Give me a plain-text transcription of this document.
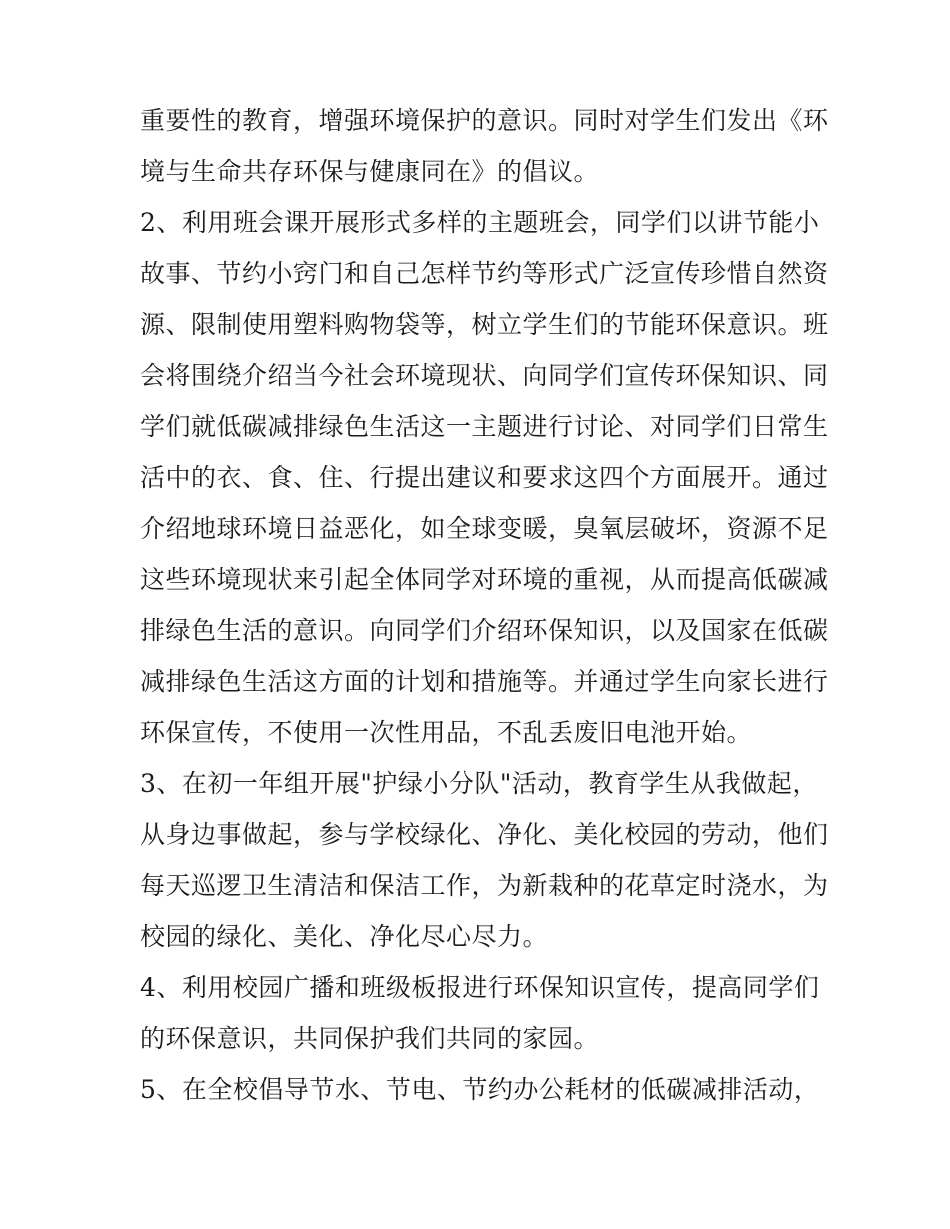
重要性的教育，增强环境保护的意识。同时对学生们发出《环
境与生命共存环保与健康同在》的倡议。
2、利用班会课开展形式多样的主题班会，同学们以讲节能小
故事、节约小窍门和自己怎样节约等形式广泛宣传珍惜自然资
源、限制使用塑料购物袋等，树立学生们的节能环保意识。班
会将围绕介绍当今社会环境现状、向同学们宣传环保知识、同
学们就低碳减排绿色生活这一主题进行讨论、对同学们日常生
活中的衣、食、住、行提出建议和要求这四个方面展开。通过
介绍地球环境日益恶化，如全球变暖，臭氧层破坏，资源不足
这些环境现状来引起全体同学对环境的重视，从而提高低碳减
排绿色生活的意识。向同学们介绍环保知识，以及国家在低碳
减排绿色生活这方面的计划和措施等。并通过学生向家长进行
环保宣传，不使用一次性用品，不乱丢废旧电池开始。
3、在初一年组开展"护绿小分队"活动，教育学生从我做起，
从身边事做起，参与学校绿化、净化、美化校园的劳动，他们
每天巡逻卫生清洁和保洁工作，为新栽种的花草定时浇水，为
校园的绿化、美化、净化尽心尽力。
4、利用校园广播和班级板报进行环保知识宣传，提高同学们
的环保意识，共同保护我们共同的家园。
5、在全校倡导节水、节电、节约办公耗材的低碳减排活动，
